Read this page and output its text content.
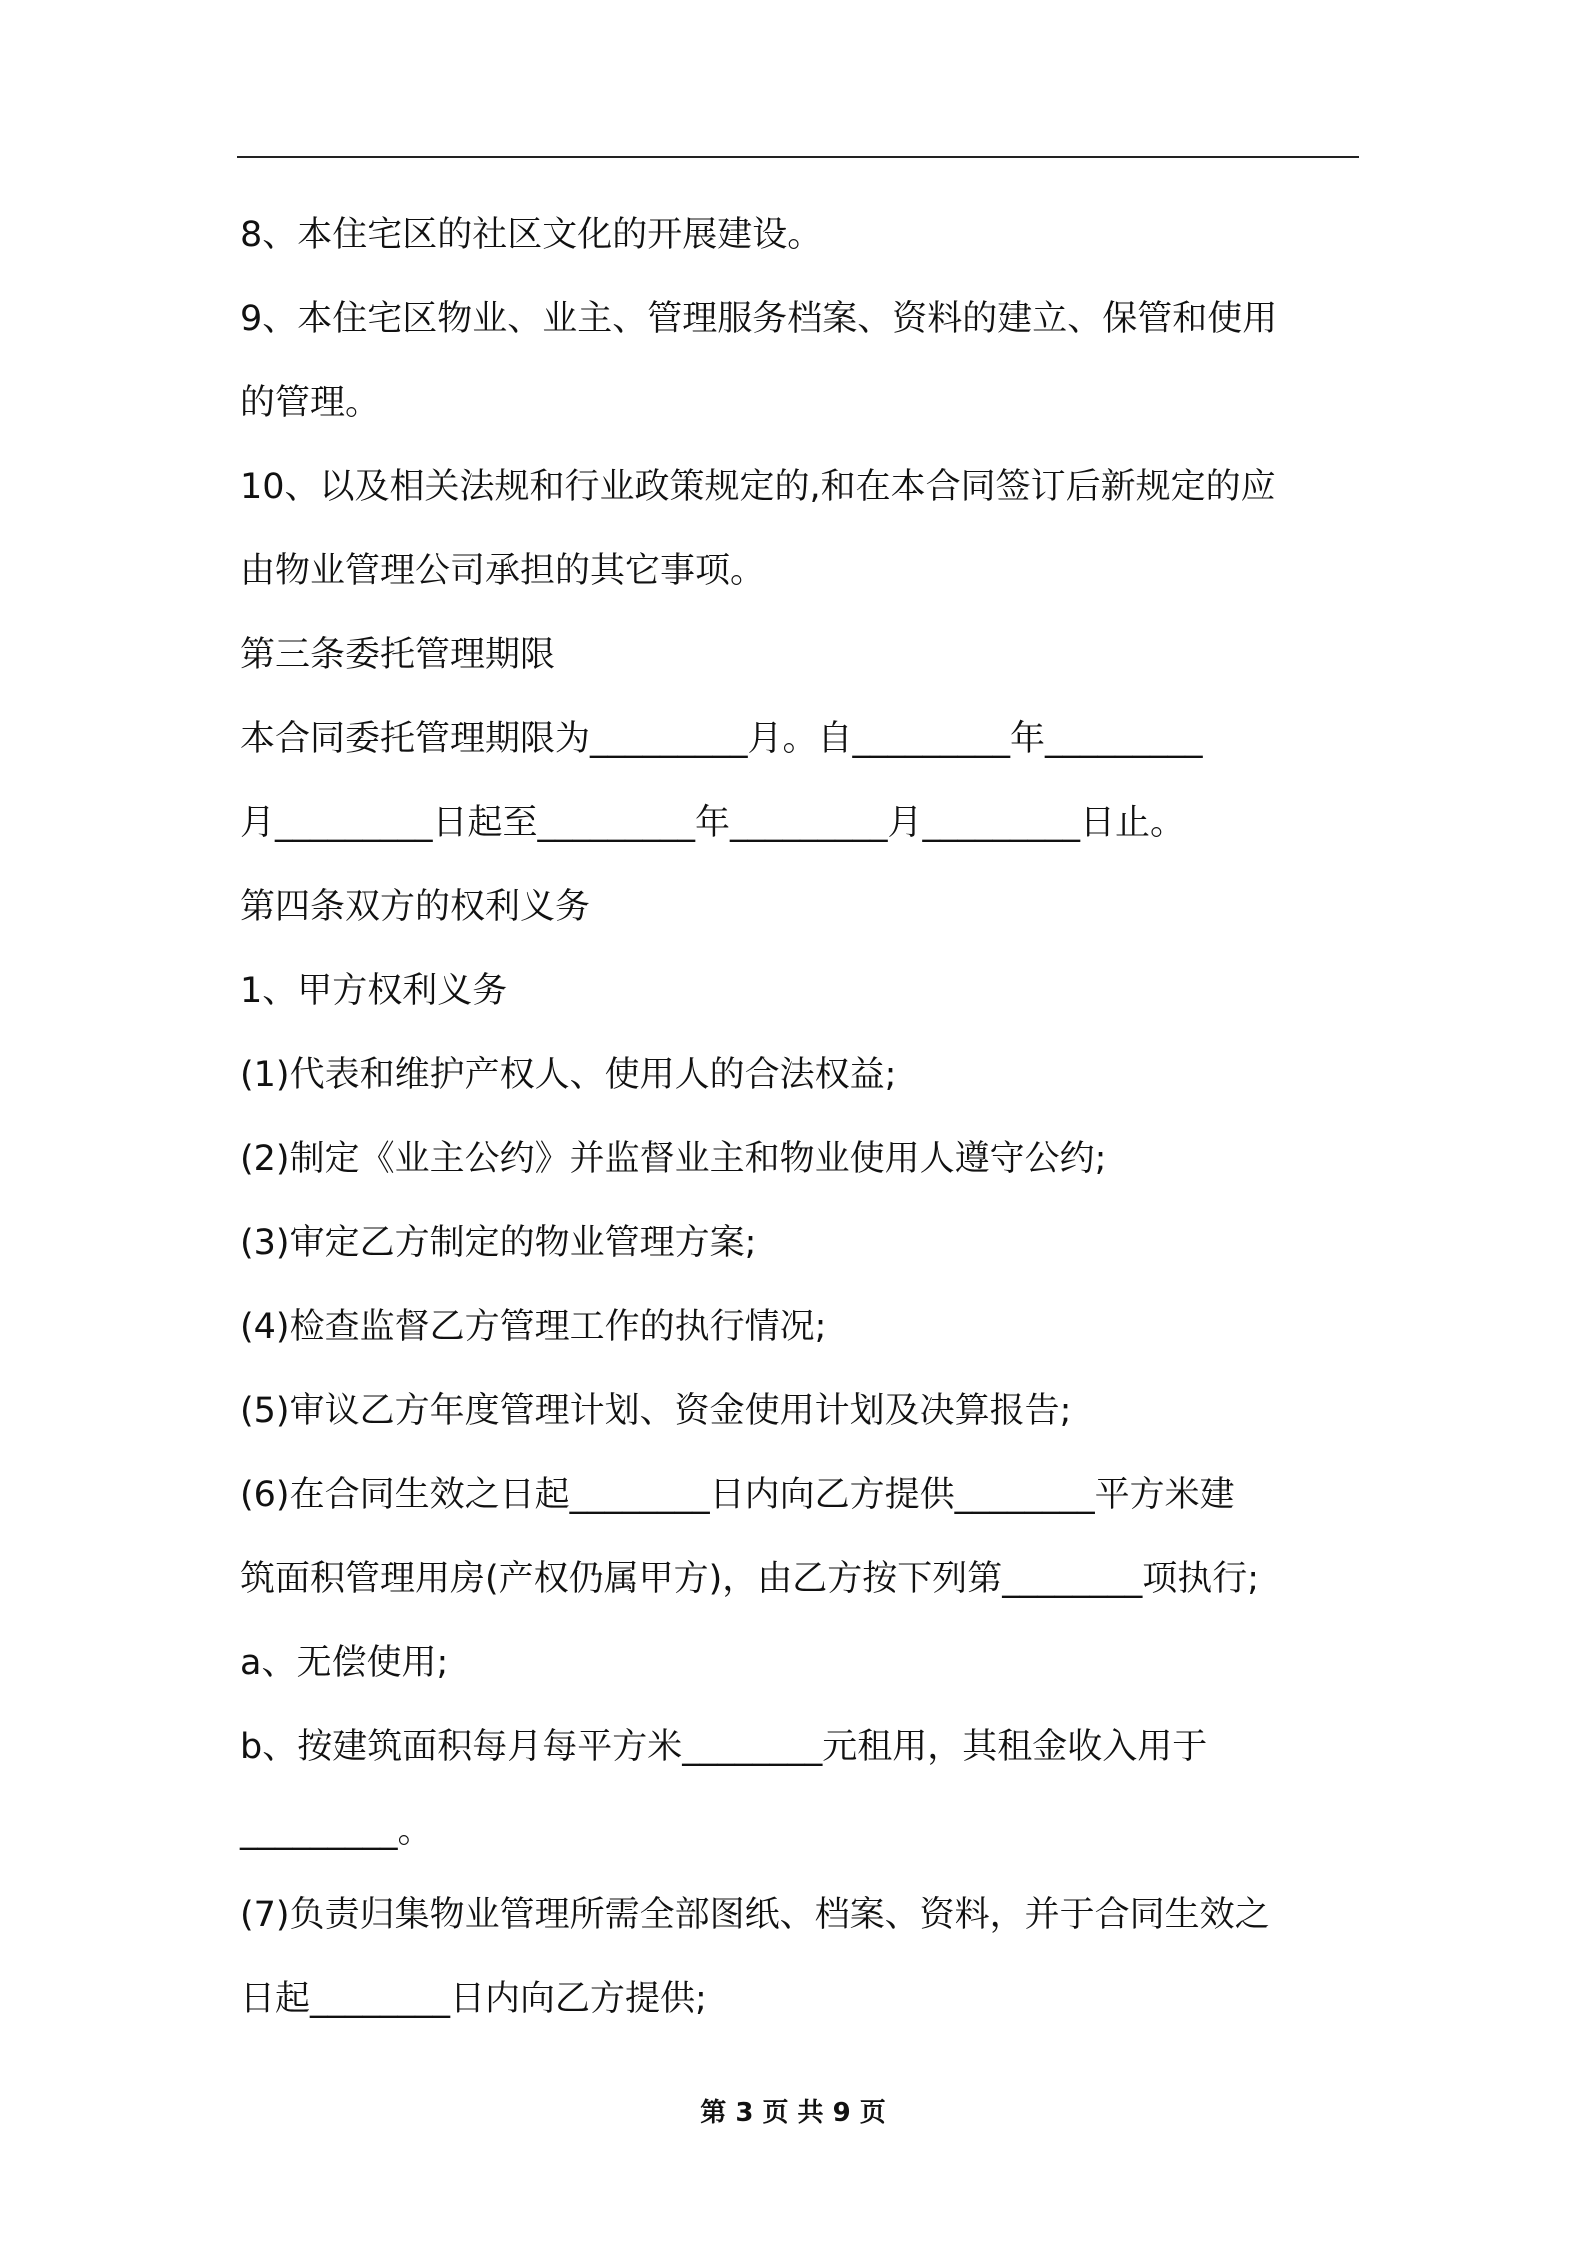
8、本住宅区的社区文化的开展建设。
9、本住宅区物业、业主、管理服务档案、资料的建立、保管和使用
的管理。
10、以及相关法规和行业政策规定的,和在本合同签订后新规定的应
由物业管理公司承担的其它事项。
第三条委托管理期限
本合同委托管理期限为_________月。自_________年_________
月_________日起至_________年_________月_________日止。
第四条双方的权利义务
1、甲方权利义务
(1)代表和维护产权人、使用人的合法权益;
(2)制定《业主公约》并监督业主和物业使用人遵守公约;
(3)审定乙方制定的物业管理方案;
(4)检查监督乙方管理工作的执行情况;
(5)审议乙方年度管理计划、资金使用计划及决算报告;
(6)在合同生效之日起________日内向乙方提供________平方米建
筑面积管理用房(产权仍属甲方)，由乙方按下列第________项执行;
a、无偿使用;
b、按建筑面积每月每平方米________元租用，其租金收入用于
_________。
(7)负责归集物业管理所需全部图纸、档案、资料，并于合同生效之
日起________日内向乙方提供;
第 3 页 共 9 页
